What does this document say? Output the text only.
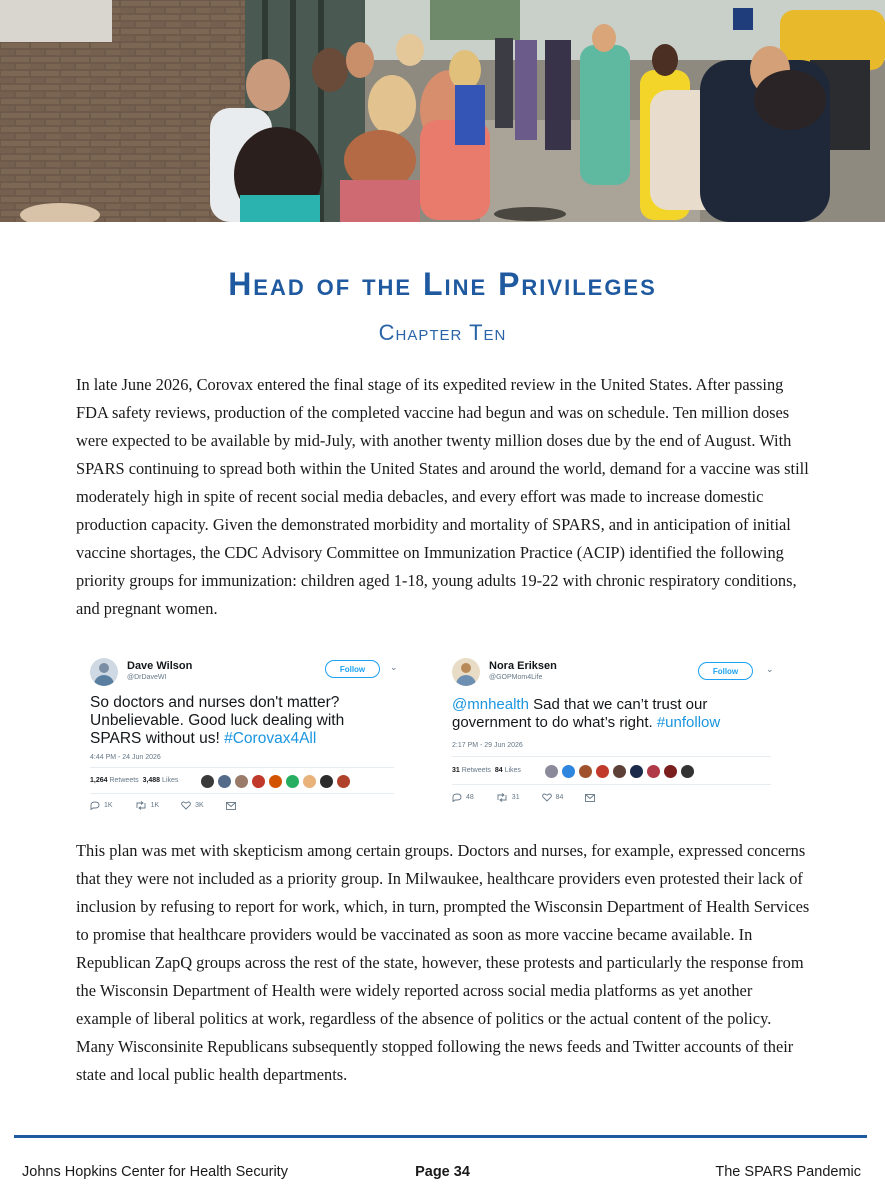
Head of the Line Privileges
Chapter Ten
In late June 2026, Corovax entered the final stage of its expedited review in the United States. After passing FDA safety reviews, production of the completed vaccine had begun and was on schedule. Ten million doses were expected to be available by mid-July, with another twenty million doses due by the end of August. With SPARS continuing to spread both within the United States and around the world, demand for a vaccine was still moderately high in spite of recent social media debacles, and every effort was made to increase domestic production capacity. Given the demonstrated morbidity and mortality of SPARS, and in anticipation of initial vaccine shortages, the CDC Advisory Committee on Immunization Practice (ACIP) identified the following priority groups for immunization: children aged 1-18, young adults 19-22 with chronic respiratory conditions, and pregnant women.
Dave Wilson
@DrDaveWI
Follow	⌄
So doctors and nurses don't matter? Unbelievable. Good luck dealing with SPARS without us! #Corovax4All
4:44 PM - 24 Jun 2026
1,264 Retweets 3,488 Likes
1K	1K	3K
Nora Eriksen
@GOPMom4Life
Follow	⌄
@mnhealth Sad that we can’t trust our government to do what’s right. #unfollow
2:17 PM - 29 Jun 2026
31 Retweets 84 Likes
48	31	84
This plan was met with skepticism among certain groups. Doctors and nurses, for example, expressed concerns that they were not included as a priority group. In Milwaukee, healthcare providers even protested their lack of inclusion by refusing to report for work, which, in turn, prompted the Wisconsin Department of Health Services to promise that healthcare providers would be vaccinated as soon as more vaccine became available. In Republican ZapQ groups across the rest of the state, however, these protests and particularly the response from the Wisconsin Department of Health were widely reported across social media platforms as yet another example of liberal politics at work, regardless of the absence of politics or the actual content of the policy. Many Wisconsinite Republicans subsequently stopped following the news feeds and Twitter accounts of their state and local public health departments.
Johns Hopkins Center for Health Security	Page 34	The SPARS Pandemic
